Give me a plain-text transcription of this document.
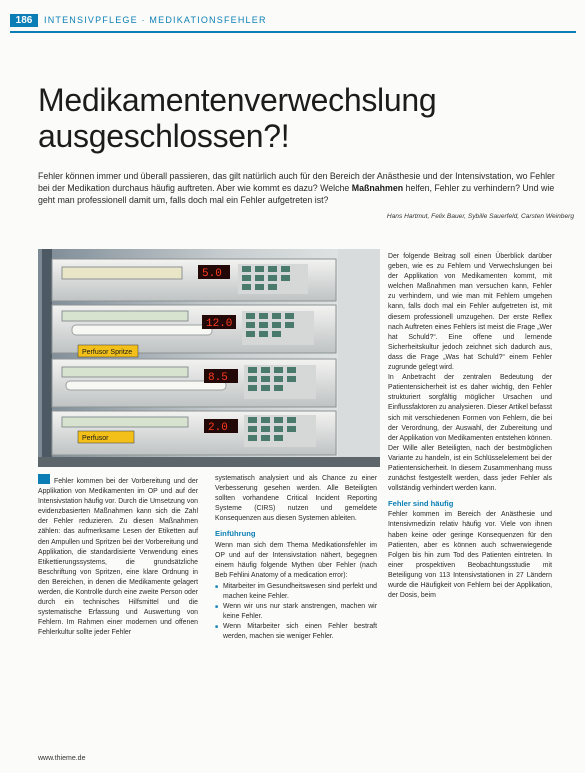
186	INTENSIVPFLEGE · MEDIKATIONSFEHLER
Medikamentenverwechslung ausgeschlossen?!

Fehler können immer und überall passieren, das gilt natürlich auch für den Bereich der Anästhesie und der Intensivstation, wo Fehler bei der Medikation durchaus häufig auftreten. Aber wie kommt es dazu? Welche Maßnahmen helfen, Fehler zu verhindern? Und wie geht man professionell damit um, falls doch mal ein Fehler aufgetreten ist?

Hans Hartmut, Felix Bauer, Sybille Sauerfeld, Carsten Weinberg

5.0
12.0
Perfusor Spritze
8.5
Perfusor
2.0

Fehler kommen bei der Vorbereitung und der Applikation von Medikamenten im OP und auf der Intensivstation häufig vor. Durch die Umsetzung von evidenzbasierten Maßnahmen kann sich die Zahl der Fehler reduzieren. Zu diesen Maßnahmen zählen: das aufmerksame Lesen der Etiketten auf den Ampullen und Spritzen bei der Vorbereitung und Applikation, die standardisierte Verwendung eines Etikettierungssystems, die grundsätzliche Beschriftung von Spritzen, eine klare Ordnung in den Bereichen, in denen die Medikamente gelagert werden, die Kontrolle durch eine zweite Person oder durch ein technisches Hilfsmittel und die systematische Erfassung und Auswertung von Fehlern. Im Rahmen einer modernen und offenen Fehlerkultur sollte jeder Fehler

systematisch analysiert und als Chance zu einer Verbesserung gesehen werden. Alle Beteiligten sollten vorhandene Critical Incident Reporting Systeme (CIRS) nutzen und gemeldete Konsequenzen aus diesen Systemen ableiten.

Einführung

Wenn man sich dem Thema Medikationsfehler im OP und auf der Intensivstation nähert, begegnen einem häufig folgende Mythen über Fehler (nach Beb Fehlini Anatomy of a medication error):

■ Mitarbeiter im Gesundheitswesen sind perfekt und machen keine Fehler.
■ Wenn wir uns nur stark anstrengen, machen wir keine Fehler.
■ Wenn Mitarbeiter sich einen Fehler bestraft werden, machen sie weniger Fehler.

Der folgende Beitrag soll einen Überblick darüber geben, wie es zu Fehlern und Verwechslungen bei der Applikation von Medikamenten kommt, mit welchen Maßnahmen man versuchen kann, Fehler zu verhindern, und wie man mit Fehlern umgehen kann, falls doch mal ein Fehler aufgetreten ist, mit diesem professionell umzugehen. Der erste Reflex nach Auftreten eines Fehlers ist meist die Frage „Wer hat Schuld?“. Eine offene und lernende Sicherheitskultur jedoch zeichnet sich dadurch aus, dass die Frage „Was hat Schuld?“ einem Fehler zugrunde gelegt wird.

In Anbetracht der zentralen Bedeutung der Patientensicherheit ist es daher wichtig, den Fehler strukturiert sorgfältig möglicher Ursachen und Einflussfaktoren zu analysieren. Dieser Artikel befasst sich mit verschiedenen Formen von Fehlern, die bei der Verordnung, der Auswahl, der Zubereitung und der Applikation von Medikamenten entstehen können. Der Wille aller Beteiligten, nach der bestmöglichen Variante zu handeln, ist ein Schlüsselelement bei der Patientensicherheit. In diesem Zusammenhang muss zunächst festgestellt werden, dass jeder Fehler als vollständig verhindert werden kann.

Fehler sind häufig

Fehler kommen im Bereich der Anästhesie und Intensivmedizin relativ häufig vor. Viele von ihnen haben keine oder geringe Konsequenzen für den Patienten, aber es können auch schwerwiegende Folgen bis hin zum Tod des Patienten eintreten. In einer prospektiven Beobachtungsstudie mit Beteiligung von 113 Intensivstationen in 27 Ländern wurde die Häufigkeit von Fehlern bei der Applikation, der Dosis, beim

www.thieme.de
